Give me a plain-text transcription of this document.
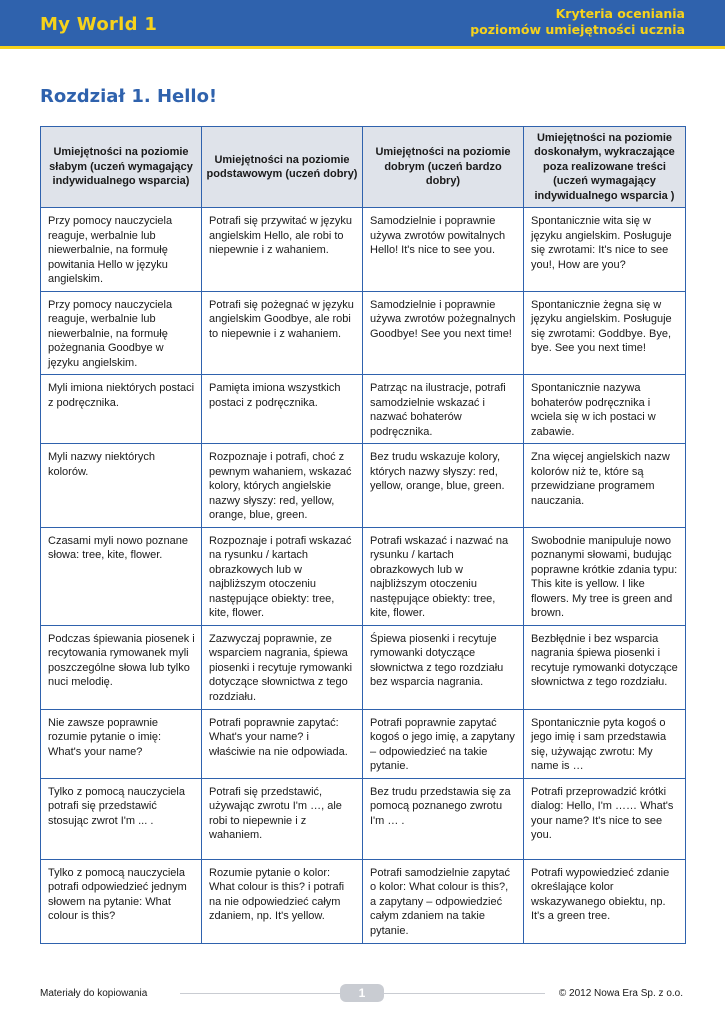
My World 1
Kryteria oceniania
poziomów umiejętności ucznia
Rozdział 1. Hello!
Umiejętności na poziomie słabym (uczeń wymagający indywidualnego wsparcia)	Umiejętności na poziomie podstawowym (uczeń dobry)	Umiejętności na poziomie dobrym (uczeń bardzo dobry)	Umiejętności na poziomie doskonałym, wykraczające poza realizowane treści (uczeń wymagający indywidualnego wsparcia )
Przy pomocy nauczyciela reaguje, werbalnie lub niewerbalnie, na formułę powitania Hello w języku angielskim.	Potrafi się przywitać w języku angielskim Hello, ale robi to niepewnie i z wahaniem.	Samodzielnie i poprawnie używa zwrotów powitalnych Hello! It's nice to see you.	Spontanicznie wita się w języku angielskim. Posługuje się zwrotami: It's nice to see you!, How are you?
Przy pomocy nauczyciela reaguje, werbalnie lub niewerbalnie, na formułę pożegnania Goodbye w języku angielskim.	Potrafi się pożegnać w języku angielskim Goodbye, ale robi to niepewnie i z wahaniem.	Samodzielnie i poprawnie używa zwrotów pożegnalnych Goodbye! See you next time!	Spontanicznie żegna się w języku angielskim. Posługuje się zwrotami: Goddbye. Bye, bye. See you next time!
Myli imiona niektórych postaci z podręcznika.	Pamięta imiona wszystkich postaci z podręcznika.	Patrząc na ilustracje, potrafi samodzielnie wskazać i nazwać bohaterów podręcznika.	Spontanicznie nazywa bohaterów podręcznika i wciela się w ich postaci w zabawie.
Myli nazwy niektórych kolorów.	Rozpoznaje i potrafi, choć z pewnym wahaniem, wskazać kolory, których angielskie nazwy słyszy: red, yellow, orange, blue, green.	Bez trudu wskazuje kolory, których nazwy słyszy: red, yellow, orange, blue, green.	Zna więcej angielskich nazw kolorów niż te, które są przewidziane programem nauczania.
Czasami myli nowo poznane słowa: tree, kite, flower.	Rozpoznaje i potrafi wskazać na rysunku / kartach obrazkowych lub w najbliższym otoczeniu następujące obiekty: tree, kite, flower.	Potrafi wskazać i nazwać na rysunku / kartach obrazkowych lub w najbliższym otoczeniu następujące obiekty: tree, kite, flower.	Swobodnie manipuluje nowo poznanymi słowami, budując poprawne krótkie zdania typu: This kite is yellow. I like flowers. My tree is green and brown.
Podczas śpiewania piosenek i recytowania rymowanek myli poszczególne słowa lub tylko nuci melodię.	Zazwyczaj poprawnie, ze wsparciem nagrania, śpiewa piosenki i recytuje rymowanki dotyczące słownictwa z tego rozdziału.	Śpiewa piosenki i recytuje rymowanki dotyczące słownictwa z tego rozdziału bez wsparcia nagrania.	Bezbłędnie i bez wsparcia nagrania śpiewa piosenki i recytuje rymowanki dotyczące słownictwa z tego rozdziału.
Nie zawsze poprawnie rozumie pytanie o imię: What's your name?	Potrafi poprawnie zapytać: What's your name? i właściwie na nie odpowiada.	Potrafi poprawnie zapytać kogoś o jego imię, a zapytany – odpowiedzieć na takie pytanie.	Spontanicznie pyta kogoś o jego imię i sam przedstawia się, używając zwrotu: My name is …
Tylko z pomocą nauczyciela potrafi się przedstawić stosując zwrot I'm ... .	Potrafi się przedstawić, używając zwrotu I'm …, ale robi to niepewnie i z wahaniem.	Bez trudu przedstawia się za pomocą poznanego zwrotu I'm … .	Potrafi przeprowadzić krótki dialog: Hello, I'm …… What's your name? It's nice to see you.
Tylko z pomocą nauczyciela potrafi odpowiedzieć jednym słowem na pytanie: What colour is this?	Rozumie pytanie o kolor: What colour is this? i potrafi na nie odpowiedzieć całym zdaniem, np. It's yellow.	Potrafi samodzielnie zapytać o kolor: What colour is this?, a zapytany – odpowiedzieć całym zdaniem na takie pytanie.	Potrafi wypowiedzieć zdanie określające kolor wskazywanego obiektu, np. It's a green tree.
Materiały do kopiowania	1	© 2012 Nowa Era Sp. z o.o.
